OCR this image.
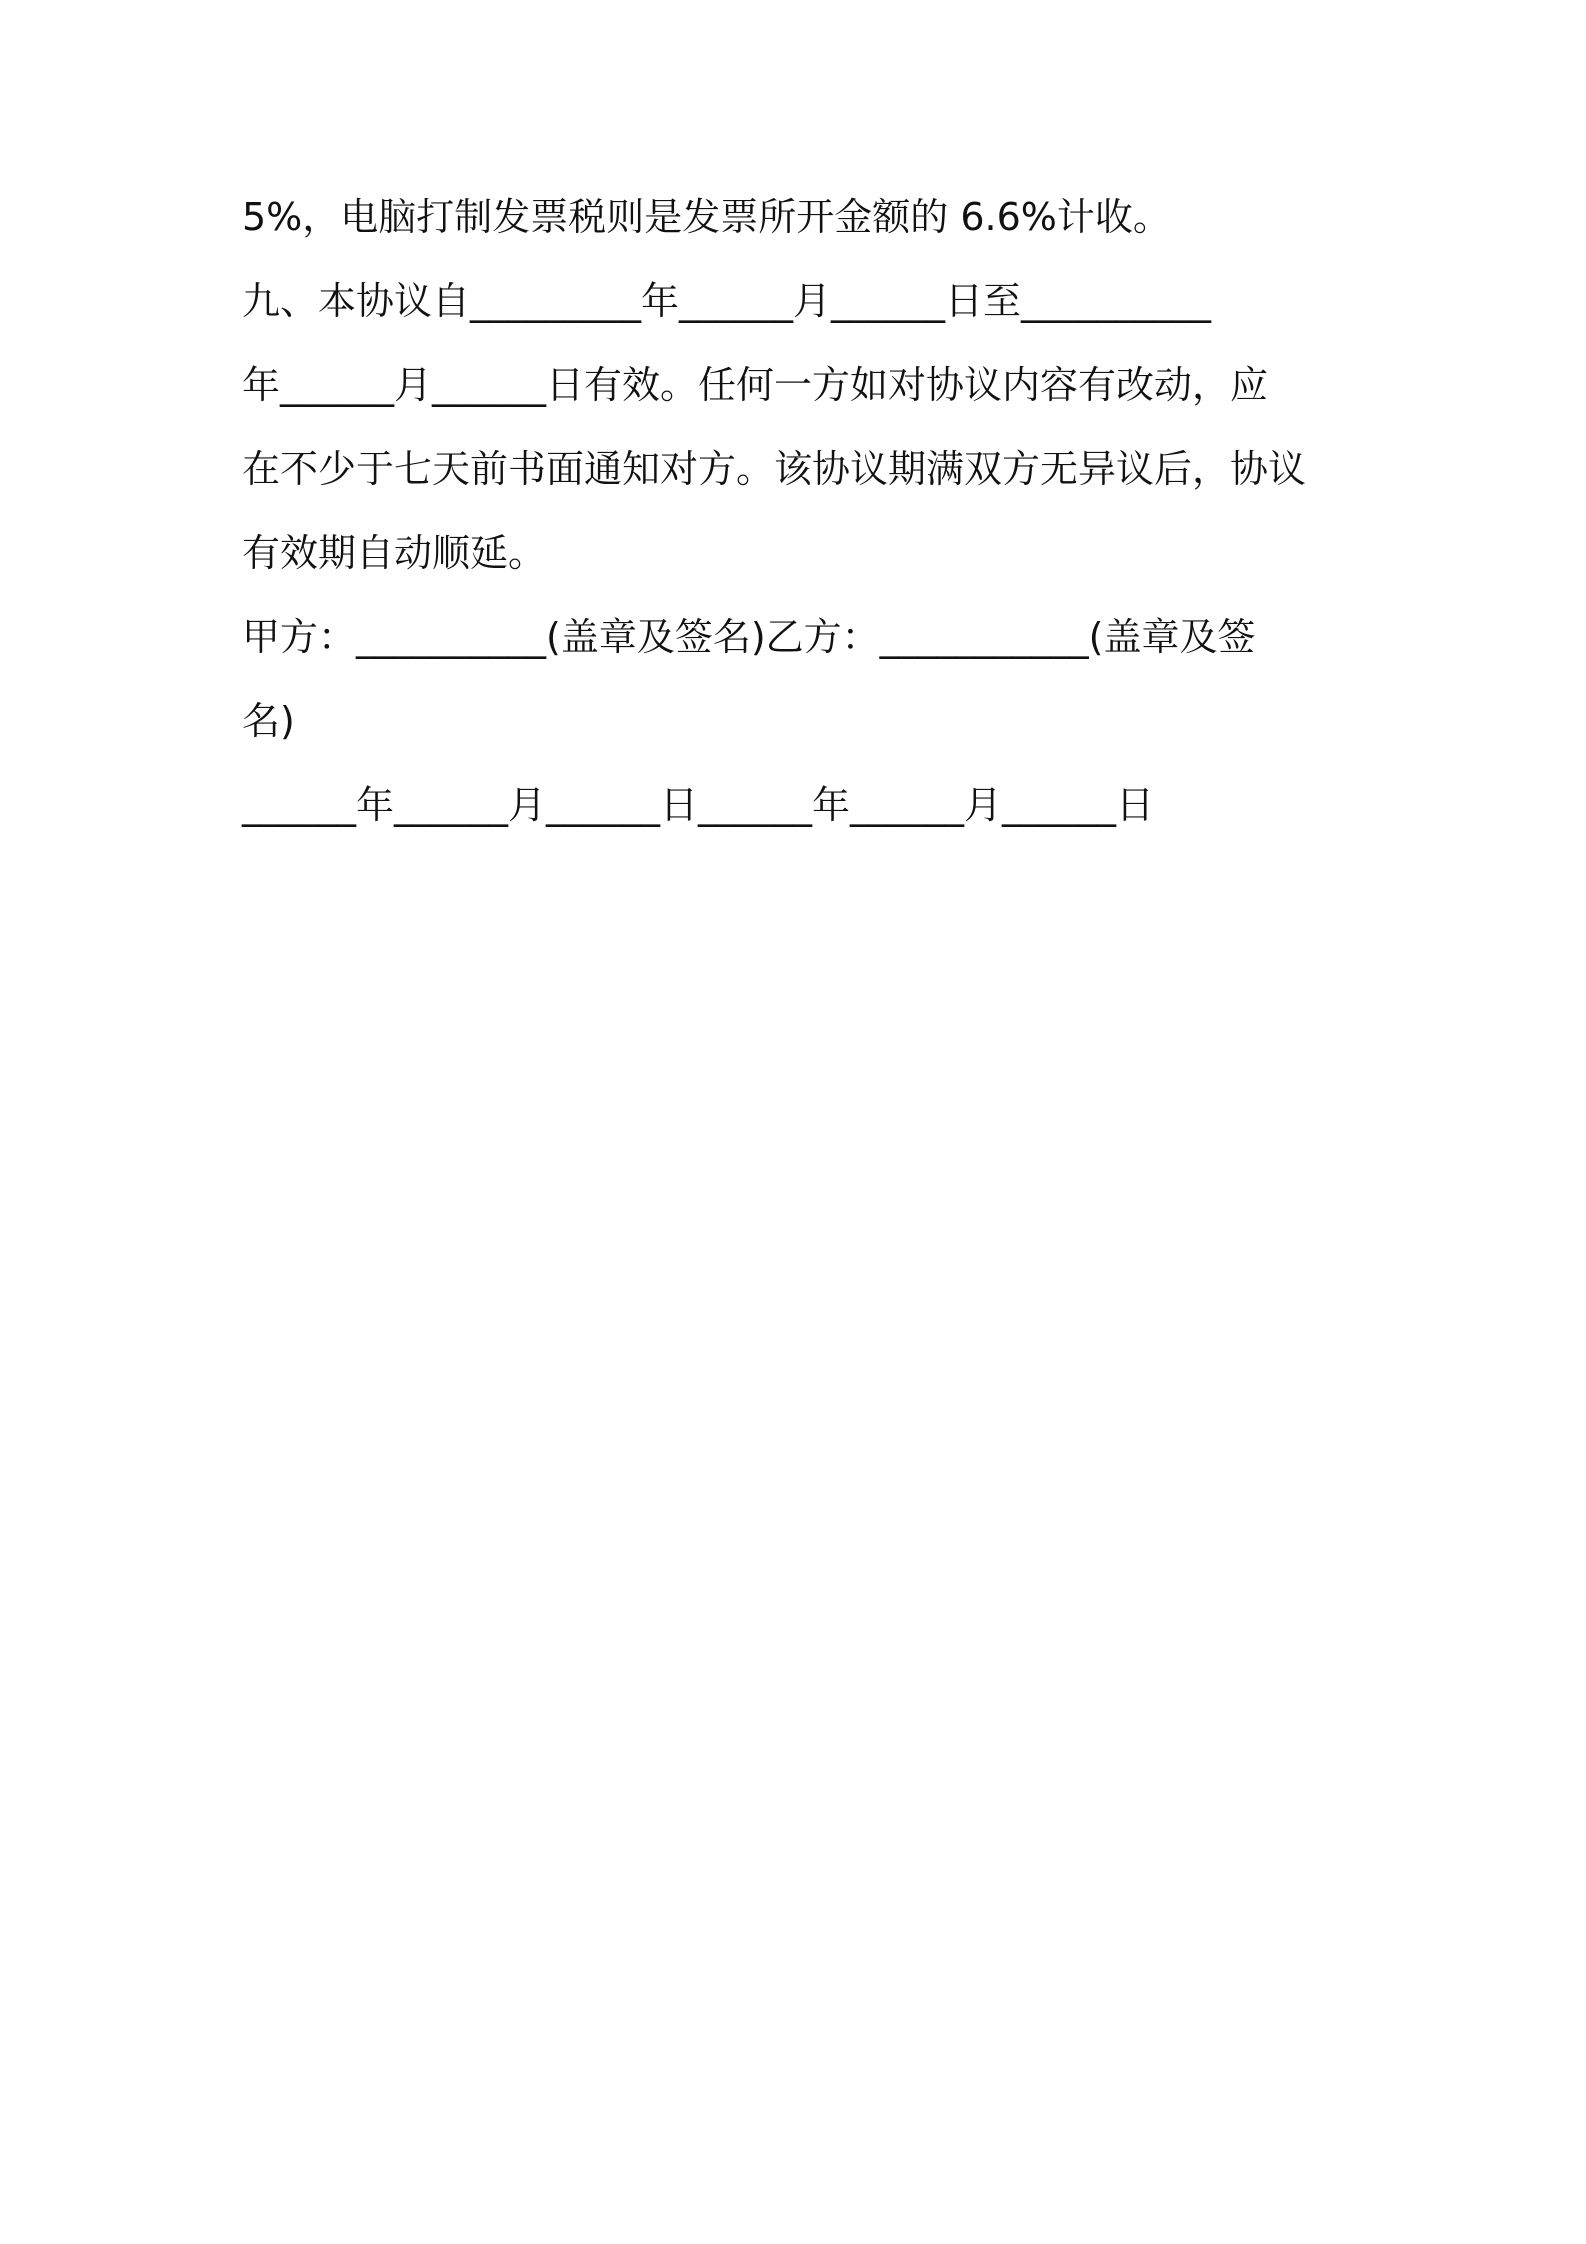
5%，电脑打制发票税则是发票所开金额的 6.6%计收。
九、本协议自_________年______月______日至__________
年______月______日有效。任何一方如对协议内容有改动，应
在不少于七天前书面通知对方。该协议期满双方无异议后，协议
有效期自动顺延。
甲方：__________(盖章及签名)乙方：___________(盖章及签
名)
______年______月______日______年______月______日
